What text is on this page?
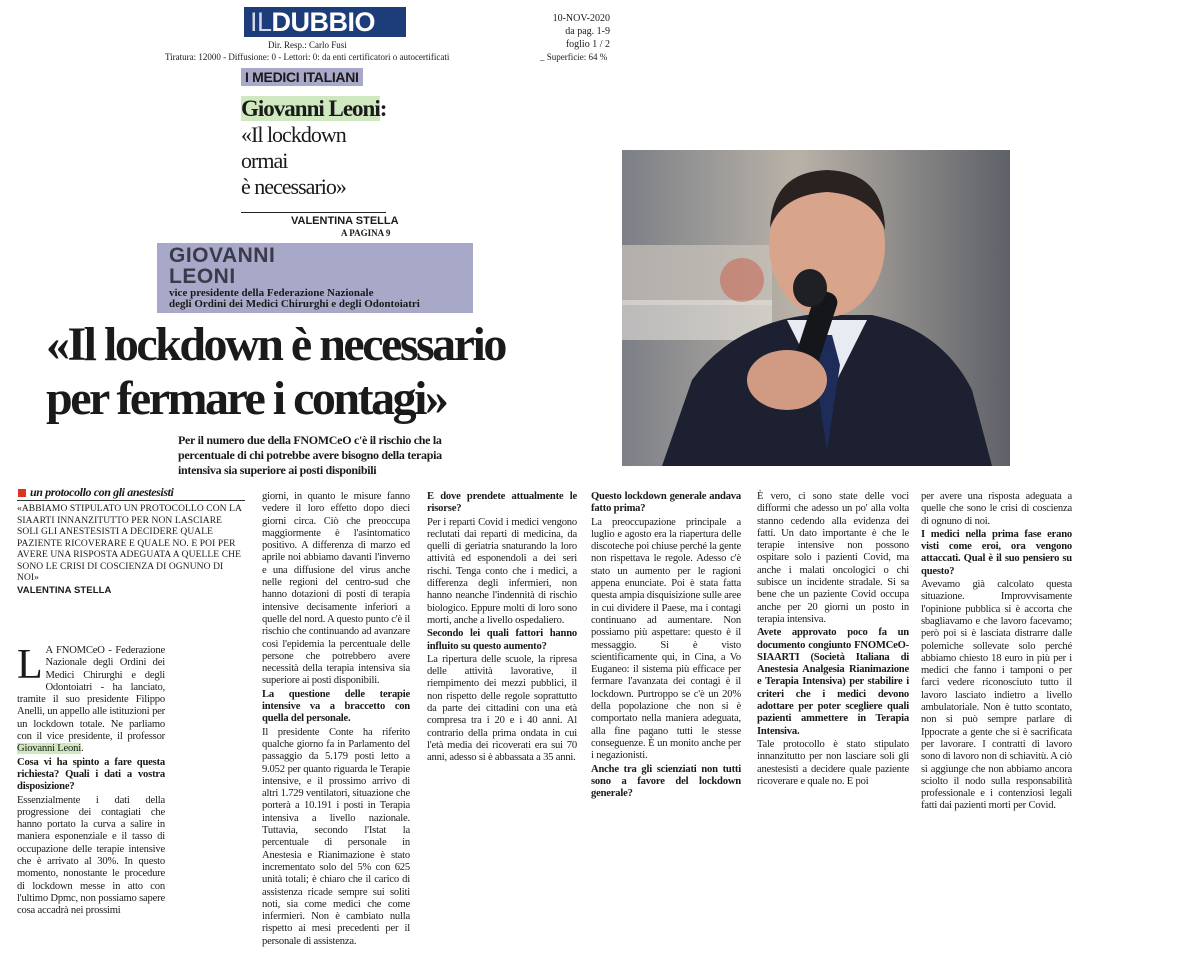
ILDUBBIO
Dir. Resp.: Carlo Fusi
Tiratura: 12000 - Diffusione: 0 - Lettori: 0: da enti certificatori o autocertificati
10-NOV-2020
da pag. 1-9
foglio 1 / 2
_ Superficie: 64 %
I MEDICI ITALIANI
Giovanni Leoni:
«Il lockdown
ormai
è necessario»
VALENTINA STELLA
A PAGINA 9
GIOVANNI
LEONI
vice presidente della Federazione Nazionale
degli Ordini dei Medici Chirurghi e degli Odontoiatri
«Il lockdown è necessario
per fermare i contagi»
Per il numero due della FNOMCeO c'è il rischio che la percentuale di chi potrebbe avere bisogno della terapia intensiva sia superiore ai posti disponibili
un protocollo con gli anestesisti
«ABBIAMO STIPULATO UN PROTOCOLLO CON LA SIAARTI INNANZITUTTO PER NON LASCIARE SOLI GLI ANESTESISTI A DECIDERE QUALE PAZIENTE RICOVERARE E QUALE NO. E POI PER AVERE UNA RISPOSTA ADEGUATA A QUELLE CHE SONO LE CRISI DI COSCIENZA DI OGNUNO DI NOI»
VALENTINA STELLA

L A FNOMCeO - Federazione Nazionale degli Ordini dei Medici Chirurghi e degli Odontoiatri - ha lanciato, tramite il suo presidente Filippo Anelli, un appello alle istituzioni per un lockdown totale. Ne parliamo con il vice presidente, il professor Giovanni Leoni.

Cosa vi ha spinto a fare questa richiesta? Quali i dati a vostra disposizione?

Essenzialmente i dati della progressione dei contagiati che hanno portato la curva a salire in maniera esponenziale e il tasso di occupazione delle terapie intensive che è arrivato al 30%. In questo momento, nonostante le procedure di lockdown messe in atto con l'ultimo Dpmc, non possiamo sapere cosa accadrà nei prossimi

giorni, in quanto le misure fanno vedere il loro effetto dopo dieci giorni circa. Ciò che preoccupa maggiormente è l'asintomatico positivo. A differenza di marzo ed aprile noi abbiamo davanti l'inverno e una diffusione del virus anche nelle regioni del centro-sud che hanno dotazioni di posti di terapia intensive decisamente inferiori a quelle del nord. A questo punto c'è il rischio che continuando ad avanzare così l'epidemia la percentuale delle persone che potrebbero avere necessità della terapia intensiva sia superiore ai posti disponibili.

La questione delle terapie intensive va a braccetto con quella del personale.

Il presidente Conte ha riferito qualche giorno fa in Parlamento del passaggio da 5.179 posti letto a 9.052 per quanto riguarda le Terapie intensive, e il prossimo arrivo di altri 1.729 ventilatori, situazione che porterà a 10.191 i posti in Terapia intensiva a livello nazionale. Tuttavia, secondo l'Istat la percentuale di personale in Anestesia e Rianimazione è stato incrementato solo del 5% con 625 unità totali; è chiaro che il carico di assistenza ricade sempre sui soliti noti, sia come medici che come infermieri. Non è cambiato nulla rispetto ai mesi precedenti per il personale di assistenza.

E dove prendete attualmente le risorse?

Per i reparti Covid i medici vengono reclutati dai reparti di medicina, da quelli di geriatria snaturando la loro attività ed esponendoli a dei seri rischi. Tenga conto che i medici, a differenza degli infermieri, non hanno neanche l'indennità di rischio biologico. Eppure molti di loro sono morti, anche a livello ospedaliero.

Secondo lei quali fattori hanno influito su questo aumento?

La ripertura delle scuole, la ripresa delle attività lavorative, il riempimento dei mezzi pubblici, il non rispetto delle regole soprattutto da parte dei cittadini con una età compresa tra i 20 e i 40 anni. Al contrario della prima ondata in cui l'età media dei ricoverati era sui 70 anni, adesso si è abbassata a 35 anni.

Questo lockdown generale andava fatto prima?

La preoccupazione principale a luglio e agosto era la riapertura delle discoteche poi chiuse perché la gente non rispettava le regole. Adesso c'è stato un aumento per le ragioni appena enunciate. Poi è stata fatta questa ampia disquisizione sulle aree in cui dividere il Paese, ma i contagi continuano ad aumentare. Non possiamo più aspettare: questo è il messaggio. Si è visto scientificamente qui, in Cina, a Vo Euganeo: il sistema più efficace per fermare l'avanzata dei contagi è il lockdown. Purtroppo se c'è un 20% della popolazione che non si è comportato nella maniera adeguata, alla fine pagano tutti le stesse conseguenze. È un monito anche per i negazionisti.

Anche tra gli scienziati non tutti sono a favore del lockdown generale?

È vero, ci sono state delle voci difformi che adesso un po' alla volta stanno cedendo alla evidenza dei fatti. Un dato importante è che le terapie intensive non possono ospitare solo i pazienti Covid, ma anche i malati oncologici o chi subisce un incidente stradale. Si sa bene che un paziente Covid occupa anche per 20 giorni un posto in terapia intensiva.

Avete approvato poco fa un documento congiunto FNOMCeO-SIAARTI (Società Italiana di Anestesia Analgesia Rianimazione e Terapia Intensiva) per stabilire i criteri che i medici devono adottare per poter scegliere quali pazienti ammettere in Terapia Intensiva.

Tale protocollo è stato stipulato innanzitutto per non lasciare soli gli anestesisti a decidere quale paziente ricoverare e quale no. E poi

per avere una risposta adeguata a quelle che sono le crisi di coscienza di ognuno di noi.

I medici nella prima fase erano visti come eroi, ora vengono attaccati. Qual è il suo pensiero su questo?

Avevamo già calcolato questa situazione. Improvvisamente l'opinione pubblica si è accorta che sbagliavamo e che lavoro facevamo; però poi si è lasciata distrarre dalle polemiche sollevate solo perché abbiamo chiesto 18 euro in più per i medici che fanno i tamponi o per farci vedere riconosciuto tutto il lavoro lasciato indietro a livello ambulatoriale. Non è tutto scontato, non si può sempre parlare di Ippocrate a gente che si è sacrificata per lavorare. I contratti di lavoro sono di lavoro non di schiavitù. A ciò si aggiunge che non abbiamo ancora sciolto il nodo sulla responsabilità professionale e i contenziosi legali fatti dai pazienti morti per Covid.
